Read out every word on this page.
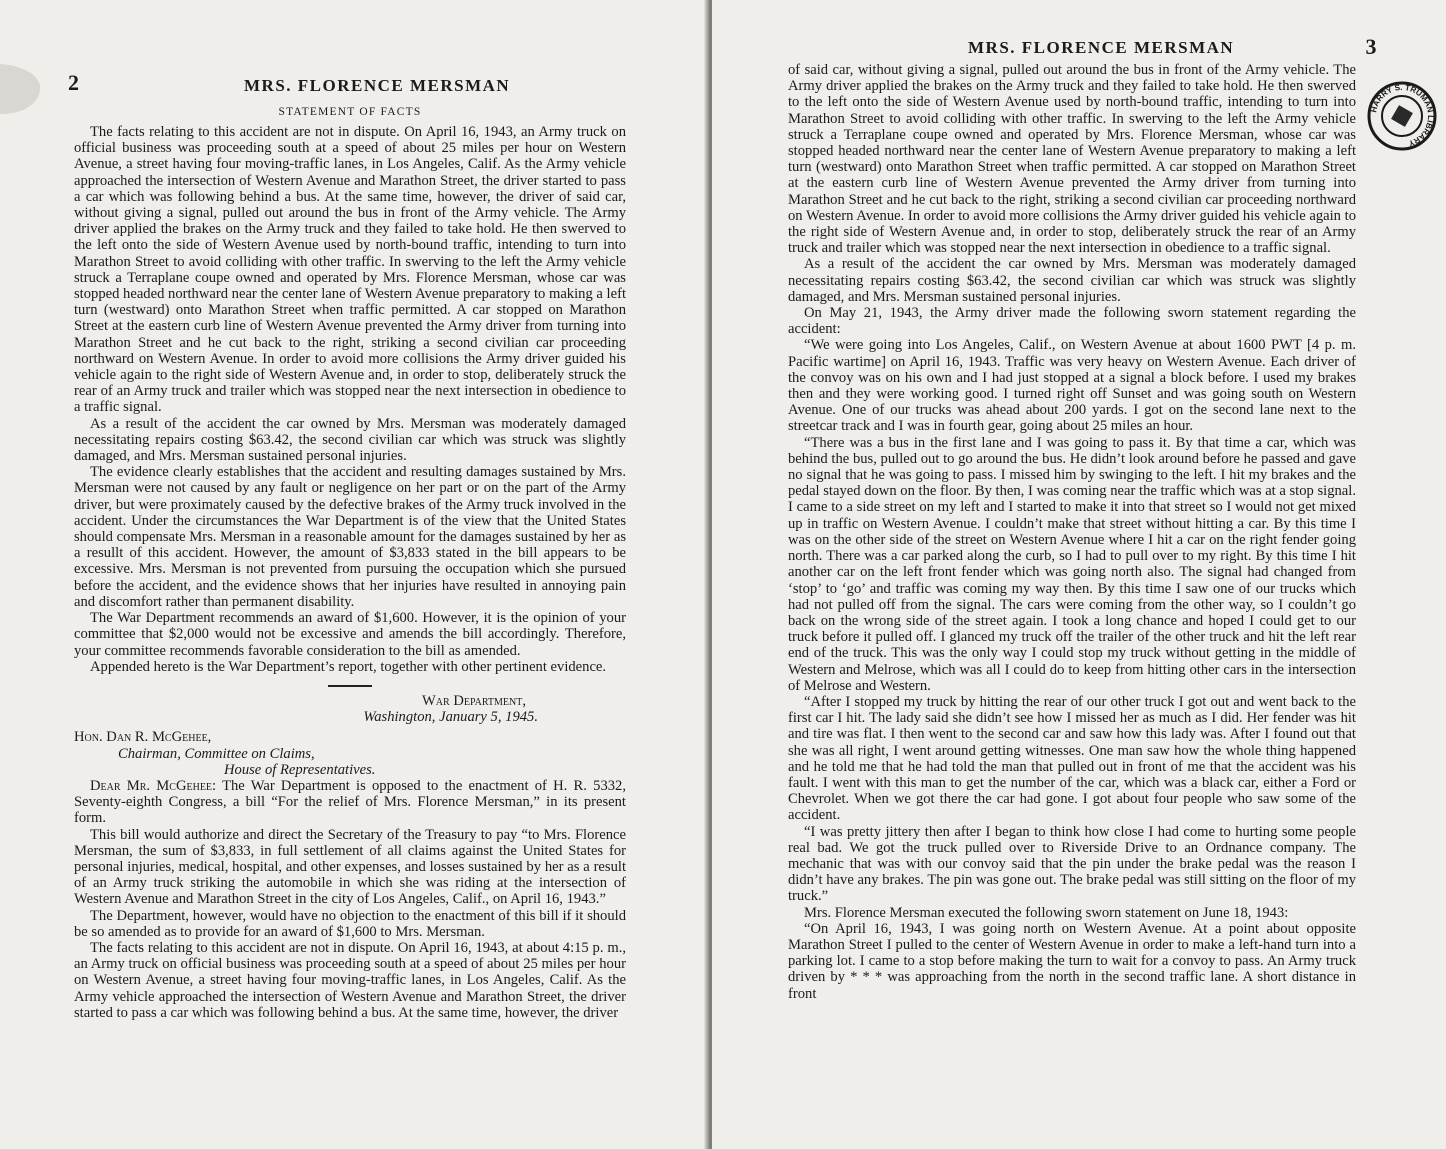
2	MRS. FLORENCE MERSMAN
STATEMENT OF FACTS

The facts relating to this accident are not in dispute. On April 16, 1943, an Army truck on official business was proceeding south at a speed of about 25 miles per hour on Western Avenue, a street having four moving-traffic lanes, in Los Angeles, Calif. As the Army vehicle approached the intersection of Western Avenue and Marathon Street, the driver started to pass a car which was following behind a bus. At the same time, however, the driver of said car, without giving a signal, pulled out around the bus in front of the Army vehicle. The Army driver applied the brakes on the Army truck and they failed to take hold. He then swerved to the left onto the side of Western Avenue used by north-bound traffic, intending to turn into Marathon Street to avoid colliding with other traffic. In swerving to the left the Army vehicle struck a Terraplane coupe owned and operated by Mrs. Florence Mersman, whose car was stopped headed northward near the center lane of Western Avenue preparatory to making a left turn (westward) onto Marathon Street when traffic permitted. A car stopped on Marathon Street at the eastern curb line of Western Avenue prevented the Army driver from turning into Marathon Street and he cut back to the right, striking a second civilian car proceeding northward on Western Avenue. In order to avoid more collisions the Army driver guided his vehicle again to the right side of Western Avenue and, in order to stop, deliberately struck the rear of an Army truck and trailer which was stopped near the next intersection in obedience to a traffic signal.

As a result of the accident the car owned by Mrs. Mersman was moderately damaged necessitating repairs costing $63.42, the second civilian car which was struck was slightly damaged, and Mrs. Mersman sustained personal injuries.

The evidence clearly establishes that the accident and resulting damages sustained by Mrs. Mersman were not caused by any fault or negligence on her part or on the part of the Army driver, but were proximately caused by the defective brakes of the Army truck involved in the accident. Under the circumstances the War Department is of the view that the United States should compensate Mrs. Mersman in a reasonable amount for the damages sustained by her as a resullt of this accident. However, the amount of $3,833 stated in the bill appears to be excessive. Mrs. Mersman is not prevented from pursuing the occupation which she pursued before the accident, and the evidence shows that her injuries have resulted in annoying pain and discomfort rather than permanent disability.

The War Department recommends an award of $1,600. However, it is the opinion of your committee that $2,000 would not be excessive and amends the bill accordingly. Therefore, your committee recommends favorable consideration to the bill as amended.

Appended hereto is the War Department’s report, together with other pertinent evidence.

War Department,
Washington, January 5, 1945.
Hon. Dan R. McGehee,
Chairman, Committee on Claims,
House of Representatives.

Dear Mr. McGehee: The War Department is opposed to the enactment of H. R. 5332, Seventy-eighth Congress, a bill “For the relief of Mrs. Florence Mersman,” in its present form.

This bill would authorize and direct the Secretary of the Treasury to pay “to Mrs. Florence Mersman, the sum of $3,833, in full settlement of all claims against the United States for personal injuries, medical, hospital, and other expenses, and losses sustained by her as a result of an Army truck striking the automobile in which she was riding at the intersection of Western Avenue and Marathon Street in the city of Los Angeles, Calif., on April 16, 1943.”

The Department, however, would have no objection to the enactment of this bill if it should be so amended as to provide for an award of $1,600 to Mrs. Mersman.

The facts relating to this accident are not in dispute. On April 16, 1943, at about 4:15 p. m., an Army truck on official business was proceeding south at a speed of about 25 miles per hour on Western Avenue, a street having four moving-traffic lanes, in Los Angeles, Calif. As the Army vehicle approached the intersection of Western Avenue and Marathon Street, the driver started to pass a car which was following behind a bus. At the same time, however, the driver

MRS. FLORENCE MERSMAN	3
HARRY S. TRUMAN LIBRARY

of said car, without giving a signal, pulled out around the bus in front of the Army vehicle. The Army driver applied the brakes on the Army truck and they failed to take hold. He then swerved to the left onto the side of Western Avenue used by north-bound traffic, intending to turn into Marathon Street to avoid colliding with other traffic. In swerving to the left the Army vehicle struck a Terraplane coupe owned and operated by Mrs. Florence Mersman, whose car was stopped headed northward near the center lane of Western Avenue preparatory to making a left turn (westward) onto Marathon Street when traffic permitted. A car stopped on Marathon Street at the eastern curb line of Western Avenue prevented the Army driver from turning into Marathon Street and he cut back to the right, striking a second civilian car proceeding northward on Western Avenue. In order to avoid more collisions the Army driver guided his vehicle again to the right side of Western Avenue and, in order to stop, deliberately struck the rear of an Army truck and trailer which was stopped near the next intersection in obedience to a traffic signal.

As a result of the accident the car owned by Mrs. Mersman was moderately damaged necessitating repairs costing $63.42, the second civilian car which was struck was slightly damaged, and Mrs. Mersman sustained personal injuries.

On May 21, 1943, the Army driver made the following sworn statement regarding the accident:

“We were going into Los Angeles, Calif., on Western Avenue at about 1600 PWT [4 p. m. Pacific wartime] on April 16, 1943. Traffic was very heavy on Western Avenue. Each driver of the convoy was on his own and I had just stopped at a signal a block before. I used my brakes then and they were working good. I turned right off Sunset and was going south on Western Avenue. One of our trucks was ahead about 200 yards. I got on the second lane next to the streetcar track and I was in fourth gear, going about 25 miles an hour.

“There was a bus in the first lane and I was going to pass it. By that time a car, which was behind the bus, pulled out to go around the bus. He didn’t look around before he passed and gave no signal that he was going to pass. I missed him by swinging to the left. I hit my brakes and the pedal stayed down on the floor. By then, I was coming near the traffic which was at a stop signal. I came to a side street on my left and I started to make it into that street so I would not get mixed up in traffic on Western Avenue. I couldn’t make that street without hitting a car. By this time I was on the other side of the street on Western Avenue where I hit a car on the right fender going north. There was a car parked along the curb, so I had to pull over to my right. By this time I hit another car on the left front fender which was going north also. The signal had changed from ‘stop’ to ‘go’ and traffic was coming my way then. By this time I saw one of our trucks which had not pulled off from the signal. The cars were coming from the other way, so I couldn’t go back on the wrong side of the street again. I took a long chance and hoped I could get to our truck before it pulled off. I glanced my truck off the trailer of the other truck and hit the left rear end of the truck. This was the only way I could stop my truck without getting in the middle of Western and Melrose, which was all I could do to keep from hitting other cars in the intersection of Melrose and Western.

“After I stopped my truck by hitting the rear of our other truck I got out and went back to the first car I hit. The lady said she didn’t see how I missed her as much as I did. Her fender was hit and tire was flat. I then went to the second car and saw how this lady was. After I found out that she was all right, I went around getting witnesses. One man saw how the whole thing happened and he told me that he had told the man that pulled out in front of me that the accident was his fault. I went with this man to get the number of the car, which was a black car, either a Ford or Chevrolet. When we got there the car had gone. I got about four people who saw some of the accident.

“I was pretty jittery then after I began to think how close I had come to hurting some people real bad. We got the truck pulled over to Riverside Drive to an Ordnance company. The mechanic that was with our convoy said that the pin under the brake pedal was the reason I didn’t have any brakes. The pin was gone out. The brake pedal was still sitting on the floor of my truck.”

Mrs. Florence Mersman executed the following sworn statement on June 18, 1943:

“On April 16, 1943, I was going north on Western Avenue. At a point about opposite Marathon Street I pulled to the center of Western Avenue in order to make a left-hand turn into a parking lot. I came to a stop before making the turn to wait for a convoy to pass. An Army truck driven by * * * was approaching from the north in the second traffic lane. A short distance in front
